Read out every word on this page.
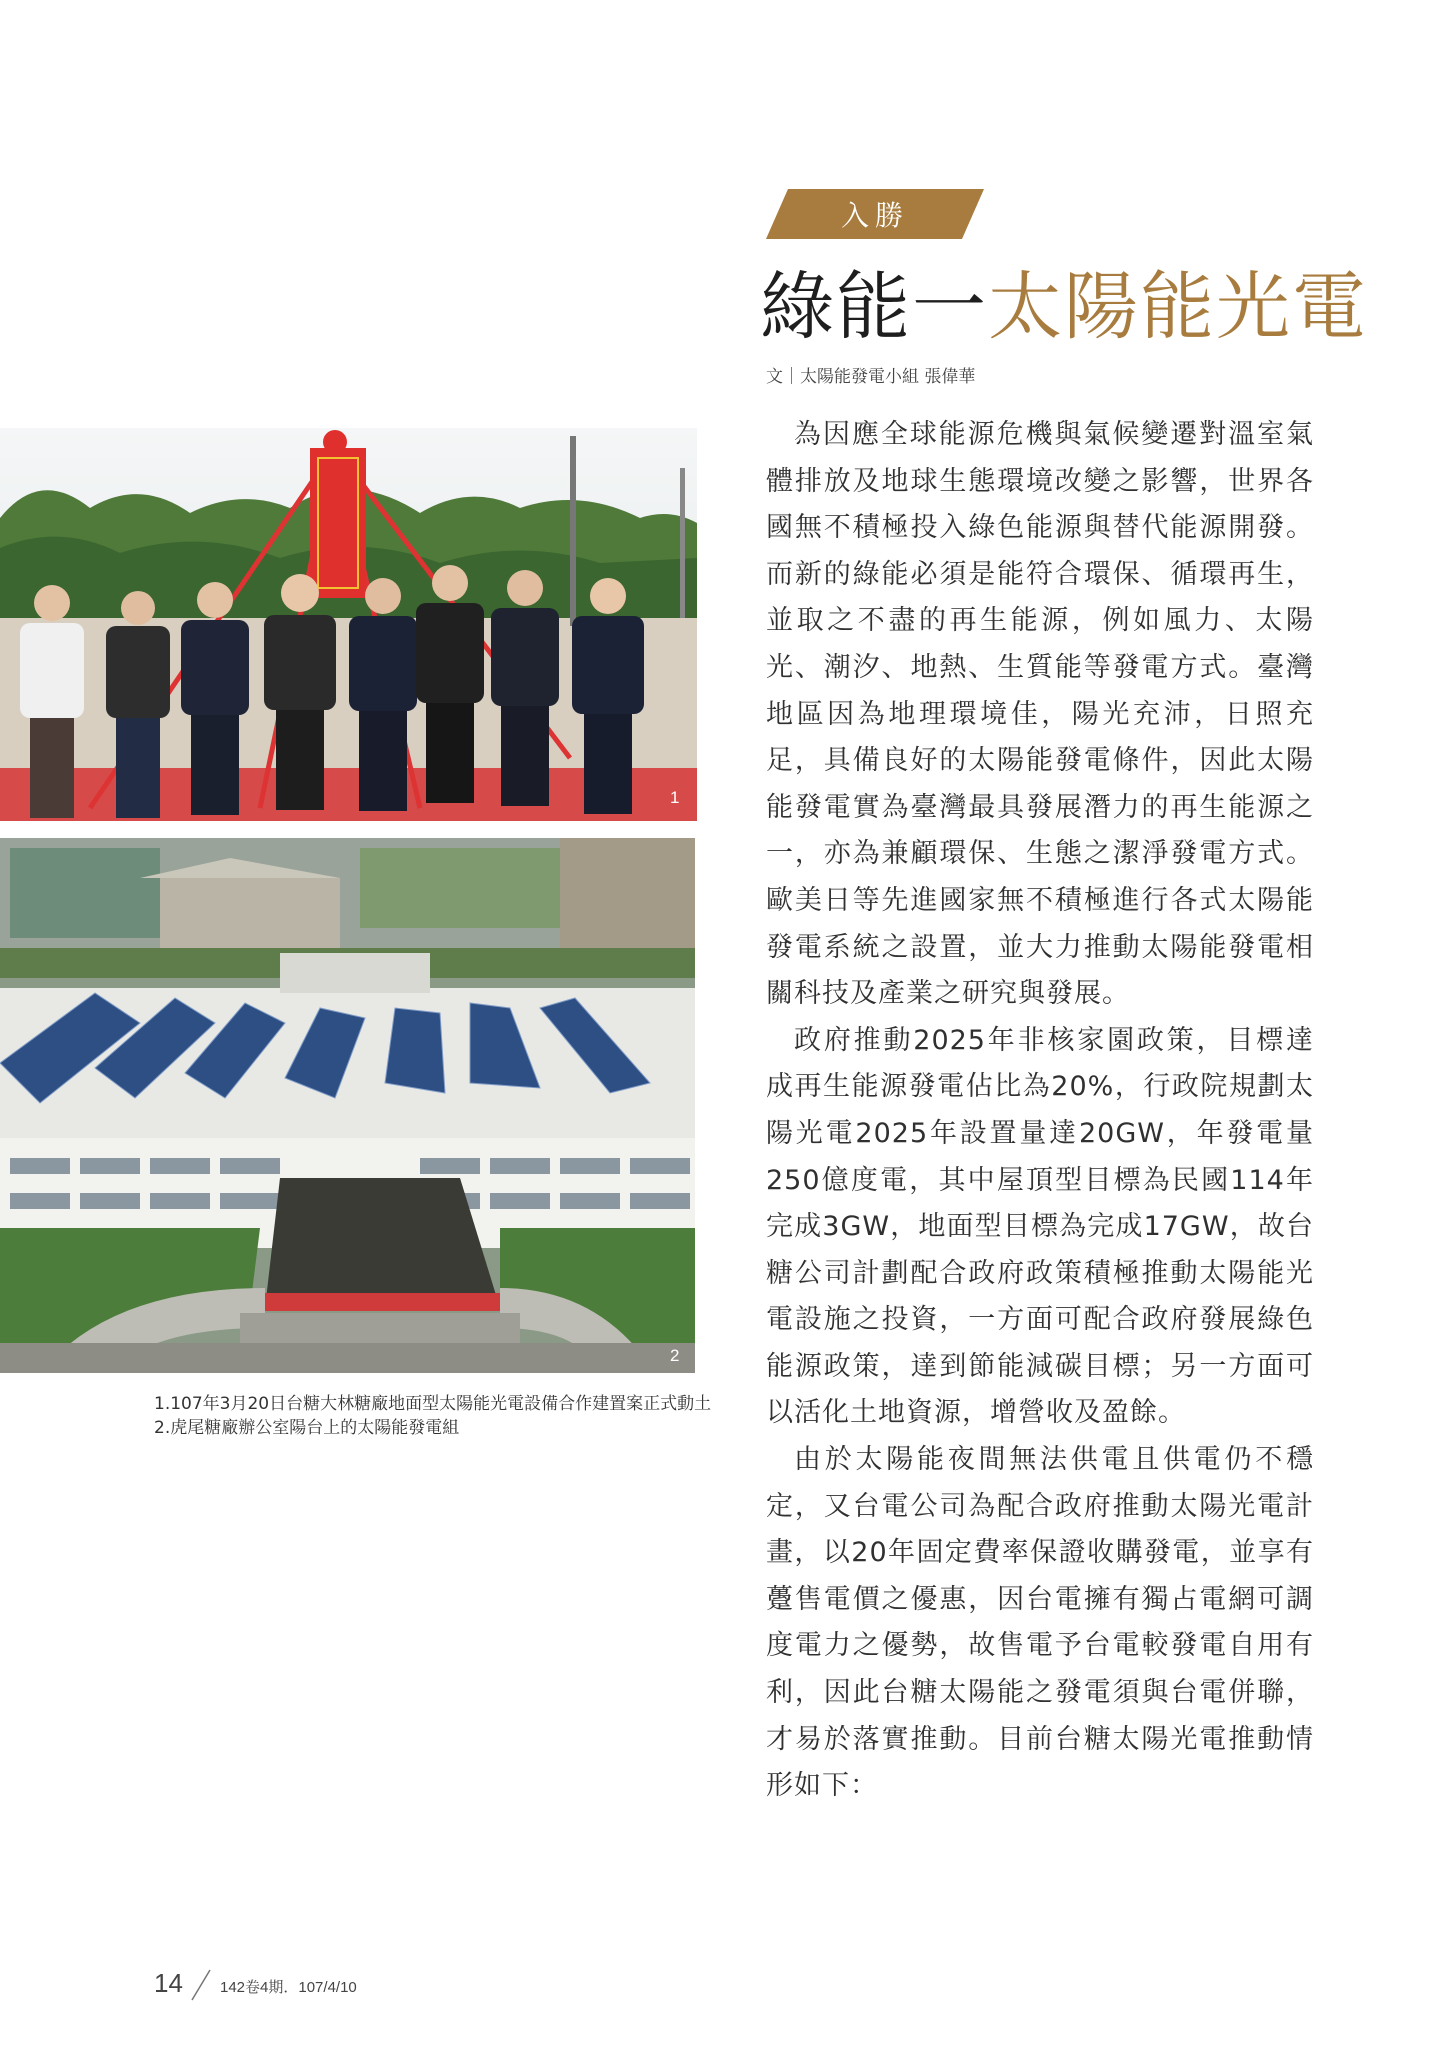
入勝
綠能一太陽能光電
文｜太陽能發電小組 張偉華

為因應全球能源危機與氣候變遷對溫室氣體排放及地球生態環境改變之影響，世界各國無不積極投入綠色能源與替代能源開發。而新的綠能必須是能符合環保、循環再生，並取之不盡的再生能源，例如風力、太陽光、潮汐、地熱、生質能等發電方式。臺灣地區因為地理環境佳，陽光充沛，日照充足，具備良好的太陽能發電條件，因此太陽能發電實為臺灣最具發展潛力的再生能源之一，亦為兼顧環保、生態之潔淨發電方式。歐美日等先進國家無不積極進行各式太陽能發電系統之設置，並大力推動太陽能發電相關科技及產業之研究與發展。

政府推動2025年非核家園政策，目標達成再生能源發電佔比為20%，行政院規劃太陽光電2025年設置量達20GW，年發電量250億度電，其中屋頂型目標為民國114年完成3GW，地面型目標為完成17GW，故台糖公司計劃配合政府政策積極推動太陽能光電設施之投資，一方面可配合政府發展綠色能源政策，達到節能減碳目標；另一方面可以活化土地資源，增營收及盈餘。

由於太陽能夜間無法供電且供電仍不穩定，又台電公司為配合政府推動太陽光電計畫，以20年固定費率保證收購發電，並享有躉售電價之優惠，因台電擁有獨占電網可調度電力之優勢，故售電予台電較發電自用有利，因此台糖太陽能之發電須與台電併聯，才易於落實推動。目前台糖太陽光電推動情形如下：

1
2
1.107年3月20日台糖大林糖廠地面型太陽能光電設備合作建置案正式動土
2.虎尾糖廠辦公室陽台上的太陽能發電組
14 142卷4期．107/4/10
